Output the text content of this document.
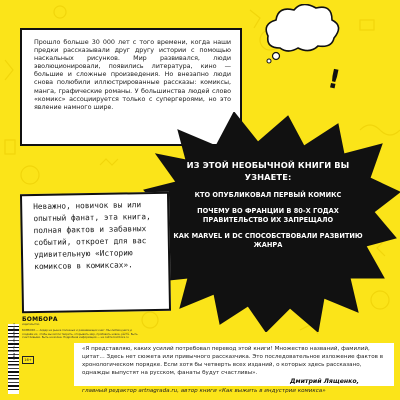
!

Прошло больше 30 000 лет с того времени, когда наши предки рассказывали друг другу истории с помощью наскальных рисунков. Мир развивался, люди эволюционировали, появились литература, кино — большие и сложные произведения. Но внезапно люди снова полюбили иллюстрированные рассказы: комиксы, манга, графические романы. У большинства людей слово «комикс» ассоциируется только с супергероями, но это явление намного шире.

ИЗ ЭТОЙ НЕОБЫЧНОЙ КНИГИ ВЫ УЗНАЕТЕ:
КТО ОПУБЛИКОВАЛ ПЕРВЫЙ КОМИКС
ПОЧЕМУ ВО ФРАНЦИИ В 80-Х ГОДАХ ПРАВИТЕЛЬСТВО ИХ ЗАПРЕЩАЛО
КАК MARVEL И DC СПОСОБСТВОВАЛИ РАЗВИТИЮ ЖАНРА

Неважно, новичок вы или опытный фанат, эта книга, полная фактов и забавных событий, откроет для вас удивительную «Историю комиксов в комиксах».

ISBN 978-5-04-098848-1
БОМБОРА
издательство
БОМБОРА — лидер на рынке полезных и развивающих книг. Мы любим книги и создаём их, чтобы вы могли творить, открывать мир, пробовать новое, расти. Быть счастливыми. Быть на волне. Подробная информация — на сайте bombora.ru
16+

«Я представляю, каких усилий потребовал перевод этой книги! Множество названий, фамилий, цитат... Здесь нет сюжета или привычного рассказчика. Это последовательное изложение фактов в хронологическом порядке. Если хотя бы четверть всех изданий, о которых здесь рассказано, однажды выпустят на русском, фанаты будут счастливы».

Дмитрий Лященко,
главный редактор artnagrada.ru, автор книги «Как выжить в индустрии комикса»
